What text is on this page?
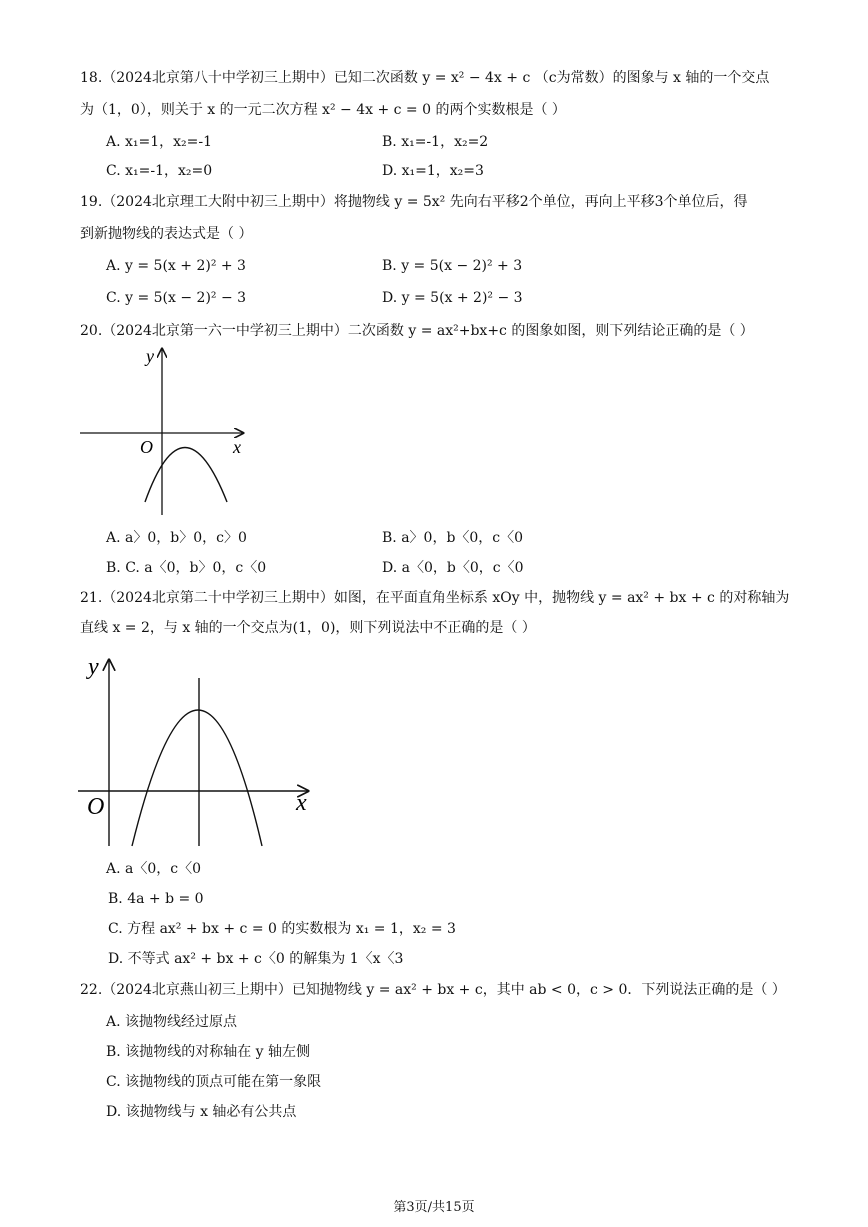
18.（2024北京第八十中学初三上期中）已知二次函数 y = x² − 4x + c （c为常数）的图象与 x 轴的一个交点
为（1，0），则关于 x 的一元二次方程 x² − 4x + c = 0 的两个实数根是（ ）
A. x₁=1，x₂=-1	B. x₁=-1，x₂=2
C. x₁=-1，x₂=0	D. x₁=1，x₂=3
19.（2024北京理工大附中初三上期中）将抛物线 y = 5x² 先向右平移2个单位，再向上平移3个单位后，得
到新抛物线的表达式是（ ）
A. y = 5(x + 2)² + 3	B. y = 5(x − 2)² + 3
C. y = 5(x − 2)² − 3	D. y = 5(x + 2)² − 3
20.（2024北京第一六一中学初三上期中）二次函数 y = ax²+bx+c 的图象如图，则下列结论正确的是（ ）
y
x
O
A. a〉0，b〉0，c〉0	B. a〉0，b〈0，c〈0
B. C. a〈0，b〉0，c〈0	D. a〈0，b〈0，c〈0
21.（2024北京第二十中学初三上期中）如图，在平面直角坐标系 xOy 中，抛物线 y = ax² + bx + c 的对称轴为
直线 x = 2，与 x 轴的一个交点为(1，0)，则下列说法中不正确的是（ ）
y
x
O
A. a〈0，c〈0
B. 4a + b = 0
C. 方程 ax² + bx + c = 0 的实数根为 x₁ = 1，x₂ = 3
D. 不等式 ax² + bx + c〈0 的解集为 1〈x〈3
22.（2024北京燕山初三上期中）已知抛物线 y = ax² + bx + c，其中 ab < 0，c > 0．下列说法正确的是（ ）
A. 该抛物线经过原点
B. 该抛物线的对称轴在 y 轴左侧
C. 该抛物线的顶点可能在第一象限
D. 该抛物线与 x 轴必有公共点
第3页/共15页
